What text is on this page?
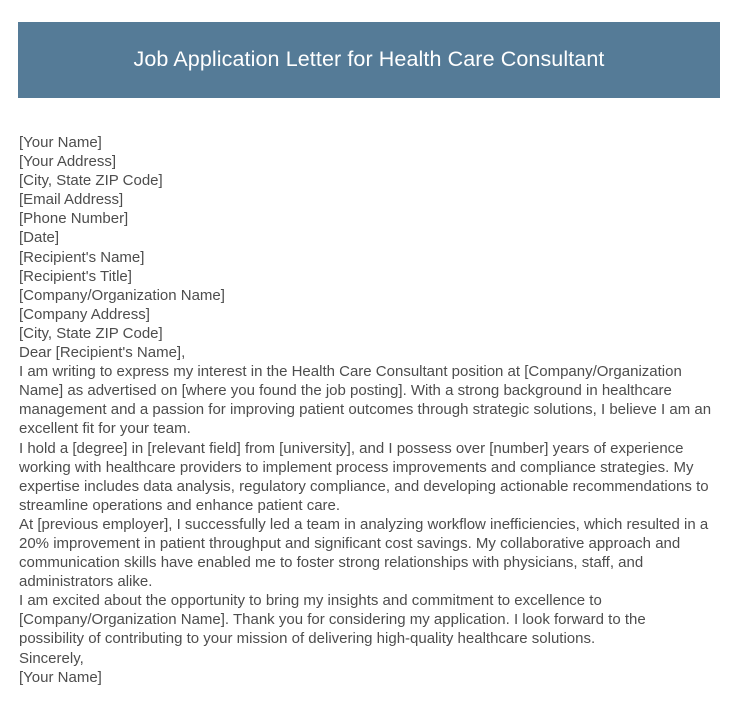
Job Application Letter for Health Care Consultant
[Your Name]
[Your Address]
[City, State ZIP Code]
[Email Address]
[Phone Number]
[Date]
[Recipient's Name]
[Recipient's Title]
[Company/Organization Name]
[Company Address]
[City, State ZIP Code]
Dear [Recipient's Name],
I am writing to express my interest in the Health Care Consultant position at [Company/Organization Name] as advertised on [where you found the job posting]. With a strong background in healthcare management and a passion for improving patient outcomes through strategic solutions, I believe I am an excellent fit for your team.
I hold a [degree] in [relevant field] from [university], and I possess over [number] years of experience working with healthcare providers to implement process improvements and compliance strategies. My expertise includes data analysis, regulatory compliance, and developing actionable recommendations to streamline operations and enhance patient care.
At [previous employer], I successfully led a team in analyzing workflow inefficiencies, which resulted in a 20% improvement in patient throughput and significant cost savings. My collaborative approach and communication skills have enabled me to foster strong relationships with physicians, staff, and administrators alike.
I am excited about the opportunity to bring my insights and commitment to excellence to [Company/Organization Name]. Thank you for considering my application. I look forward to the possibility of contributing to your mission of delivering high-quality healthcare solutions.
Sincerely,
[Your Name]
